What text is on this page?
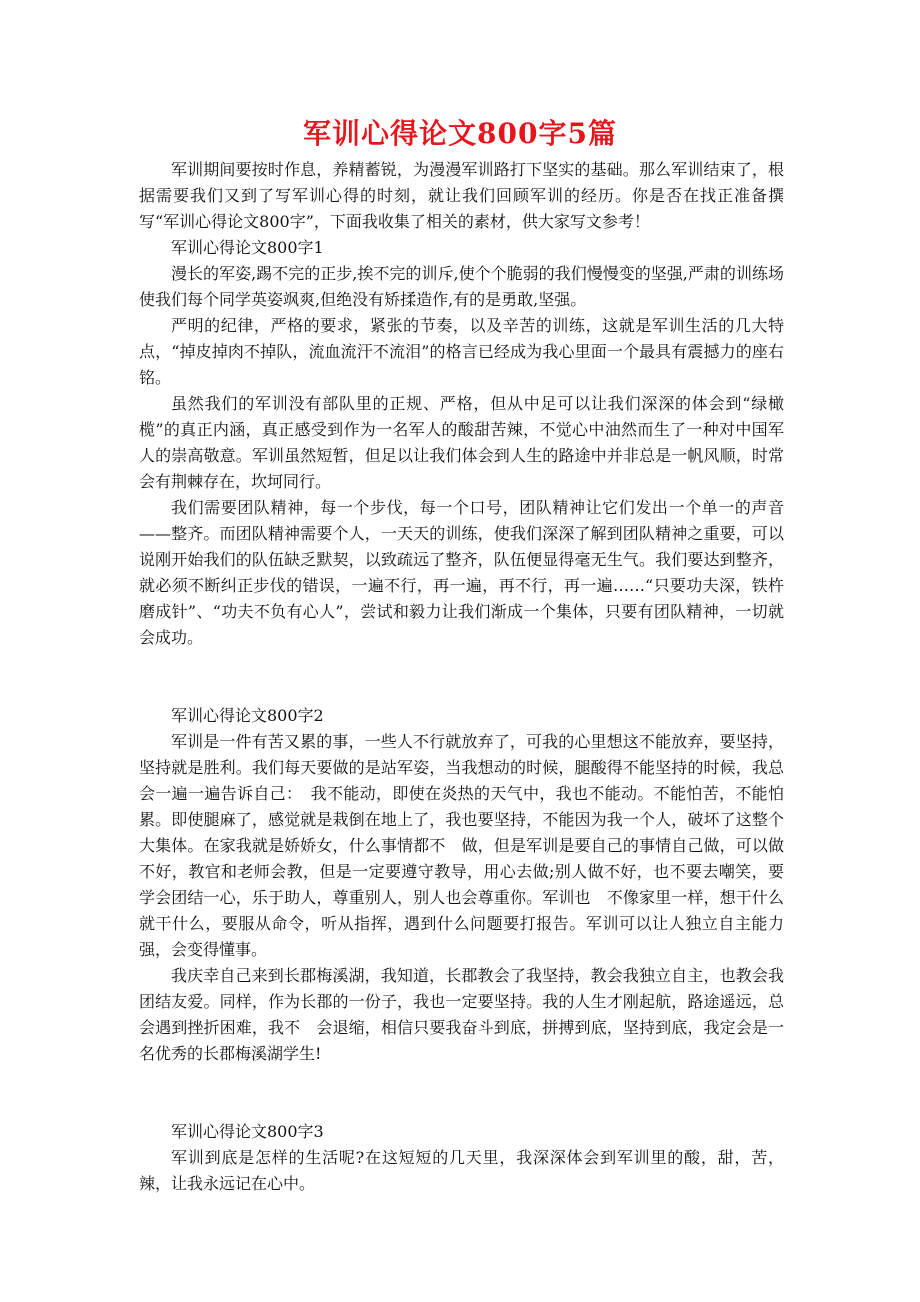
军训心得论文800字5篇

军训期间要按时作息，养精蓄锐，为漫漫军训路打下坚实的基础。那么军训结束了，根据需要我们又到了写军训心得的时刻，就让我们回顾军训的经历。你是否在找正准备撰写“军训心得论文800字”，下面我收集了相关的素材，供大家写文参考！

军训心得论文800字1

漫长的军姿,踢不完的正步,挨不完的训斥,使个个脆弱的我们慢慢变的坚强,严肃的训练场使我们每个同学英姿飒爽,但绝没有矫揉造作,有的是勇敢,坚强。

严明的纪律，严格的要求，紧张的节奏，以及辛苦的训练，这就是军训生活的几大特点，“掉皮掉肉不掉队，流血流汗不流泪”的格言已经成为我心里面一个最具有震撼力的座右铭。

虽然我们的军训没有部队里的正规、严格，但从中足可以让我们深深的体会到“绿橄榄”的真正内涵，真正感受到作为一名军人的酸甜苦辣，不觉心中油然而生了一种对中国军人的崇高敬意。军训虽然短暂，但足以让我们体会到人生的路途中并非总是一帆风顺，时常会有荆棘存在，坎坷同行。

我们需要团队精神，每一个步伐，每一个口号，团队精神让它们发出一个单一的声音——整齐。而团队精神需要个人，一天天的训练，使我们深深了解到团队精神之重要，可以说刚开始我们的队伍缺乏默契，以致疏远了整齐，队伍便显得毫无生气。我们要达到整齐，就必须不断纠正步伐的错误，一遍不行，再一遍，再不行，再一遍……“只要功夫深，铁杵磨成针”、“功夫不负有心人”，尝试和毅力让我们渐成一个集体，只要有团队精神，一切就会成功。

军训心得论文800字2

军训是一件有苦又累的事，一些人不行就放弃了，可我的心里想这不能放弃，要坚持，坚持就是胜利。我们每天要做的是站军姿，当我想动的时候，腿酸得不能坚持的时候，我总会一遍一遍告诉自己：　我不能动，即使在炎热的天气中，我也不能动。不能怕苦，不能怕累。即使腿麻了，感觉就是栽倒在地上了，我也要坚持，不能因为我一个人，破坏了这整个大集体。在家我就是娇娇女，什么事情都不　做，但是军训是要自己的事情自己做，可以做不好，教官和老师会教，但是一定要遵守教导，用心去做;别人做不好，也不要去嘲笑，要学会团结一心，乐于助人，尊重别人，别人也会尊重你。军训也　不像家里一样，想干什么就干什么，要服从命令，听从指挥，遇到什么问题要打报告。军训可以让人独立自主能力强，会变得懂事。

我庆幸自己来到长郡梅溪湖，我知道，长郡教会了我坚持，教会我独立自主，也教会我团结友爱。同样，作为长郡的一份子，我也一定要坚持。我的人生才刚起航，路途遥远，总会遇到挫折困难，我不　会退缩，相信只要我奋斗到底，拼搏到底，坚持到底，我定会是一名优秀的长郡梅溪湖学生!

军训心得论文800字3

军训到底是怎样的生活呢?在这短短的几天里，我深深体会到军训里的酸，甜，苦，辣，让我永远记在心中。
